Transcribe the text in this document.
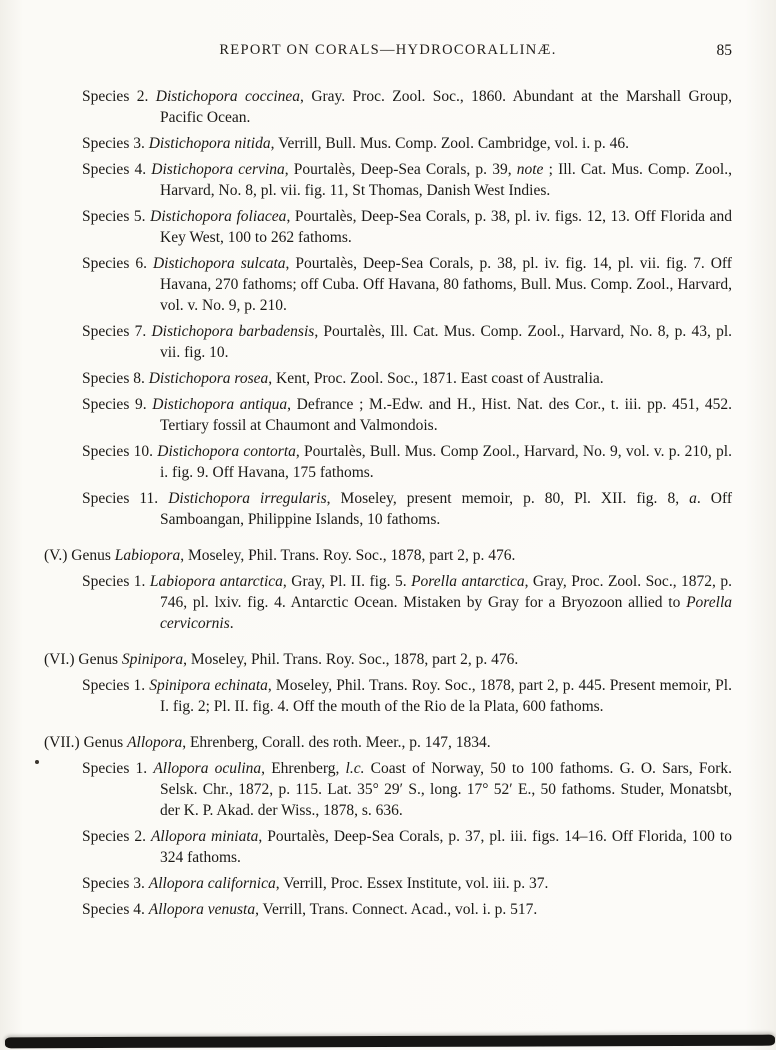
REPORT ON CORALS—HYDROCORALLINÆ.	85

Species 2. Distichopora coccinea, Gray. Proc. Zool. Soc., 1860. Abundant at the Marshall Group, Pacific Ocean.

Species 3. Distichopora nitida, Verrill, Bull. Mus. Comp. Zool. Cambridge, vol. i. p. 46.

Species 4. Distichopora cervina, Pourtalès, Deep-Sea Corals, p. 39, note ; Ill. Cat. Mus. Comp. Zool., Harvard, No. 8, pl. vii. fig. 11, St Thomas, Danish West Indies.

Species 5. Distichopora foliacea, Pourtalès, Deep-Sea Corals, p. 38, pl. iv. figs. 12, 13. Off Florida and Key West, 100 to 262 fathoms.

Species 6. Distichopora sulcata, Pourtalès, Deep-Sea Corals, p. 38, pl. iv. fig. 14, pl. vii. fig. 7. Off Havana, 270 fathoms; off Cuba. Off Havana, 80 fathoms, Bull. Mus. Comp. Zool., Harvard, vol. v. No. 9, p. 210.

Species 7. Distichopora barbadensis, Pourtalès, Ill. Cat. Mus. Comp. Zool., Harvard, No. 8, p. 43, pl. vii. fig. 10.

Species 8. Distichopora rosea, Kent, Proc. Zool. Soc., 1871. East coast of Australia.

Species 9. Distichopora antiqua, Defrance ; M.-Edw. and H., Hist. Nat. des Cor., t. iii. pp. 451, 452. Tertiary fossil at Chaumont and Valmondois.

Species 10. Distichopora contorta, Pourtalès, Bull. Mus. Comp Zool., Harvard, No. 9, vol. v. p. 210, pl. i. fig. 9. Off Havana, 175 fathoms.

Species 11. Distichopora irregularis, Moseley, present memoir, p. 80, Pl. XII. fig. 8, a. Off Samboangan, Philippine Islands, 10 fathoms.

(V.) Genus Labiopora, Moseley, Phil. Trans. Roy. Soc., 1878, part 2, p. 476.

Species 1. Labiopora antarctica, Gray, Pl. II. fig. 5. Porella antarctica, Gray, Proc. Zool. Soc., 1872, p. 746, pl. lxiv. fig. 4. Antarctic Ocean. Mistaken by Gray for a Bryozoon allied to Porella cervicornis.

(VI.) Genus Spinipora, Moseley, Phil. Trans. Roy. Soc., 1878, part 2, p. 476.

Species 1. Spinipora echinata, Moseley, Phil. Trans. Roy. Soc., 1878, part 2, p. 445. Present memoir, Pl. I. fig. 2; Pl. II. fig. 4. Off the mouth of the Rio de la Plata, 600 fathoms.

(VII.) Genus Allopora, Ehrenberg, Corall. des roth. Meer., p. 147, 1834.

Species 1. Allopora oculina, Ehrenberg, l.c. Coast of Norway, 50 to 100 fathoms. G. O. Sars, Fork. Selsk. Chr., 1872, p. 115. Lat. 35° 29′ S., long. 17° 52′ E., 50 fathoms. Studer, Monatsbt, der K. P. Akad. der Wiss., 1878, s. 636.

Species 2. Allopora miniata, Pourtalès, Deep-Sea Corals, p. 37, pl. iii. figs. 14–16. Off Florida, 100 to 324 fathoms.

Species 3. Allopora californica, Verrill, Proc. Essex Institute, vol. iii. p. 37.

Species 4. Allopora venusta, Verrill, Trans. Connect. Acad., vol. i. p. 517.
